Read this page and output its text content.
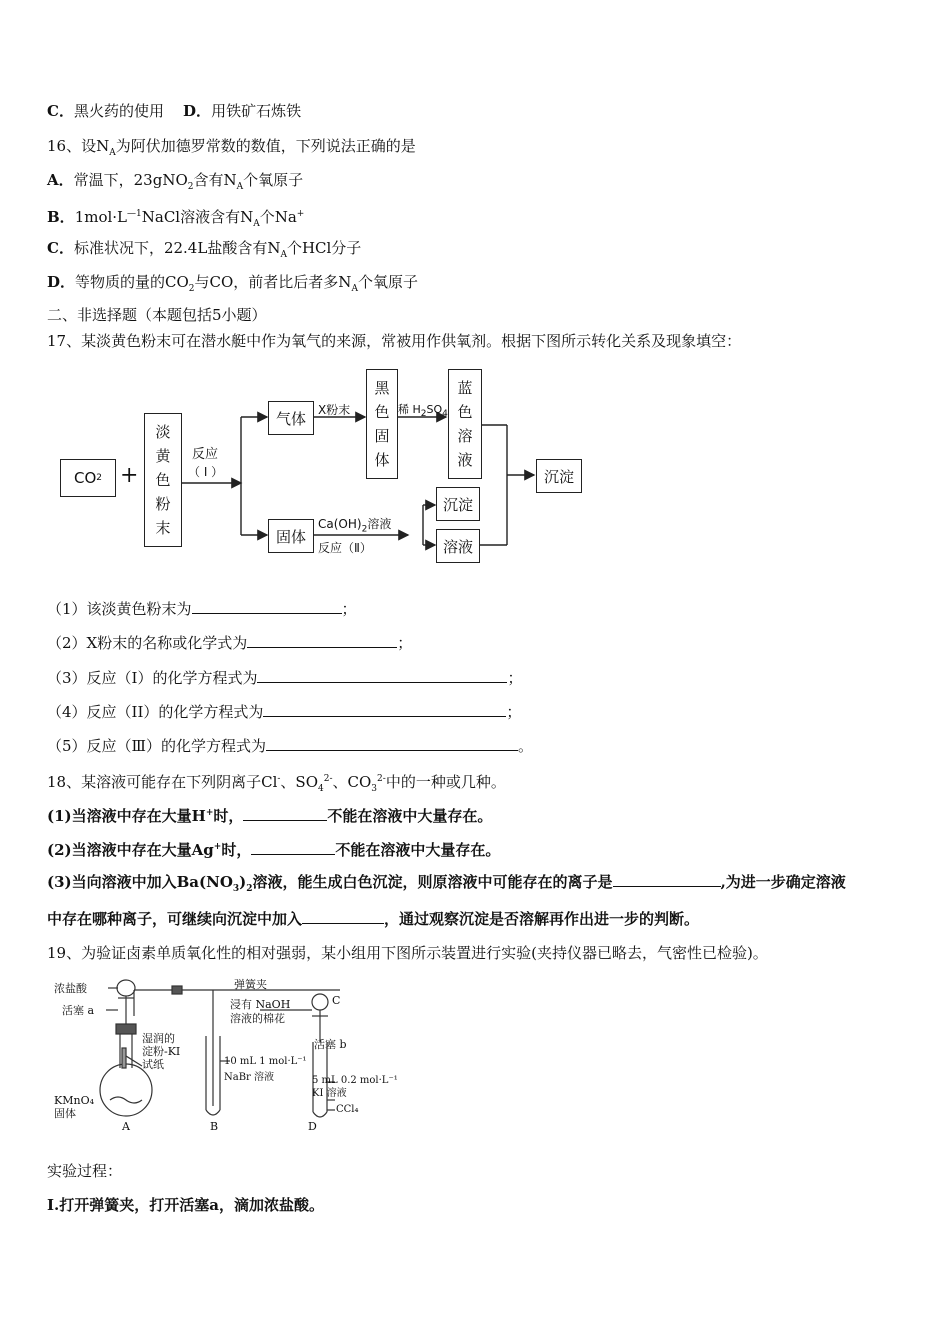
C．黑火药的使用 D．用铁矿石炼铁
16、设$N_A$为阿伏加德罗常数的数值，下列说法正确的是
A．常温下，23gNO$_2$含有$N_A$个氧原子
B．$1mol\cdot L^{—1}NaCl$溶液含有$N_A$个Na+
C．标准状况下，22.4L盐酸含有$N_A$个HCl分子
D．等物质的量的$CO_2$与CO，前者比后者多$N_A$个氧原子
二、非选择题（本题包括5小题）
17、某淡黄色粉末可在潜水艇中作为氧气的来源，常被用作供氧剂。根据下图所示转化关系及现象填空：
CO 2 +
淡
黄
色
粉
末
反应
（ I ）
气体	X粉末
黑
色
固
体
稀 $H_2SO_4$
蓝
色
溶
液
沉淀
固体
$Ca(OH)_2$溶液
反应（Ⅱ）
沉淀
溶液
（1）该淡黄色粉末为	；
（2）X粉末的名称或化学式为	；
（3）反应（I）的化学方程式为	；
（4）反应（II）的化学方程式为	；
（5）反应（Ⅲ）的化学方程式为	。
18、某溶液可能存在下列阴离子Cl-、$SO_4^{2-}$、$CO_3^{2-}$中的一种或几种。
(1)当溶液中存在大量H+时，	不能在溶液中大量存在。
(2)当溶液中存在大量Ag+时，	不能在溶液中大量存在。
(3)当向溶液中加入$Ba(NO_3)_2$溶液，能生成白色沉淀，则原溶液中可能存在的离子是	,为进一步确定溶液
中存在哪种离子，可继续向沉淀中加入	，通过观察沉淀是否溶解再作出进一步的判断。
19、为验证卤素单质氧化性的相对强弱，某小组用下图所示装置进行实验(夹持仪器已略去，气密性已检验)。
浓盐酸
活塞 a
弹簧夹
湿润的
淀粉-KI
试纸
浸有 NaOH
溶液的棉花
C
活塞 b
10 mL 1 mol·L⁻¹
NaBr 溶液	5 mL 0.2 mol·L⁻¹
KI 溶液
CCl₄
KMnO₄
固体
A	B	D
实验过程：
I.打开弹簧夹，打开活塞a，滴加浓盐酸。
